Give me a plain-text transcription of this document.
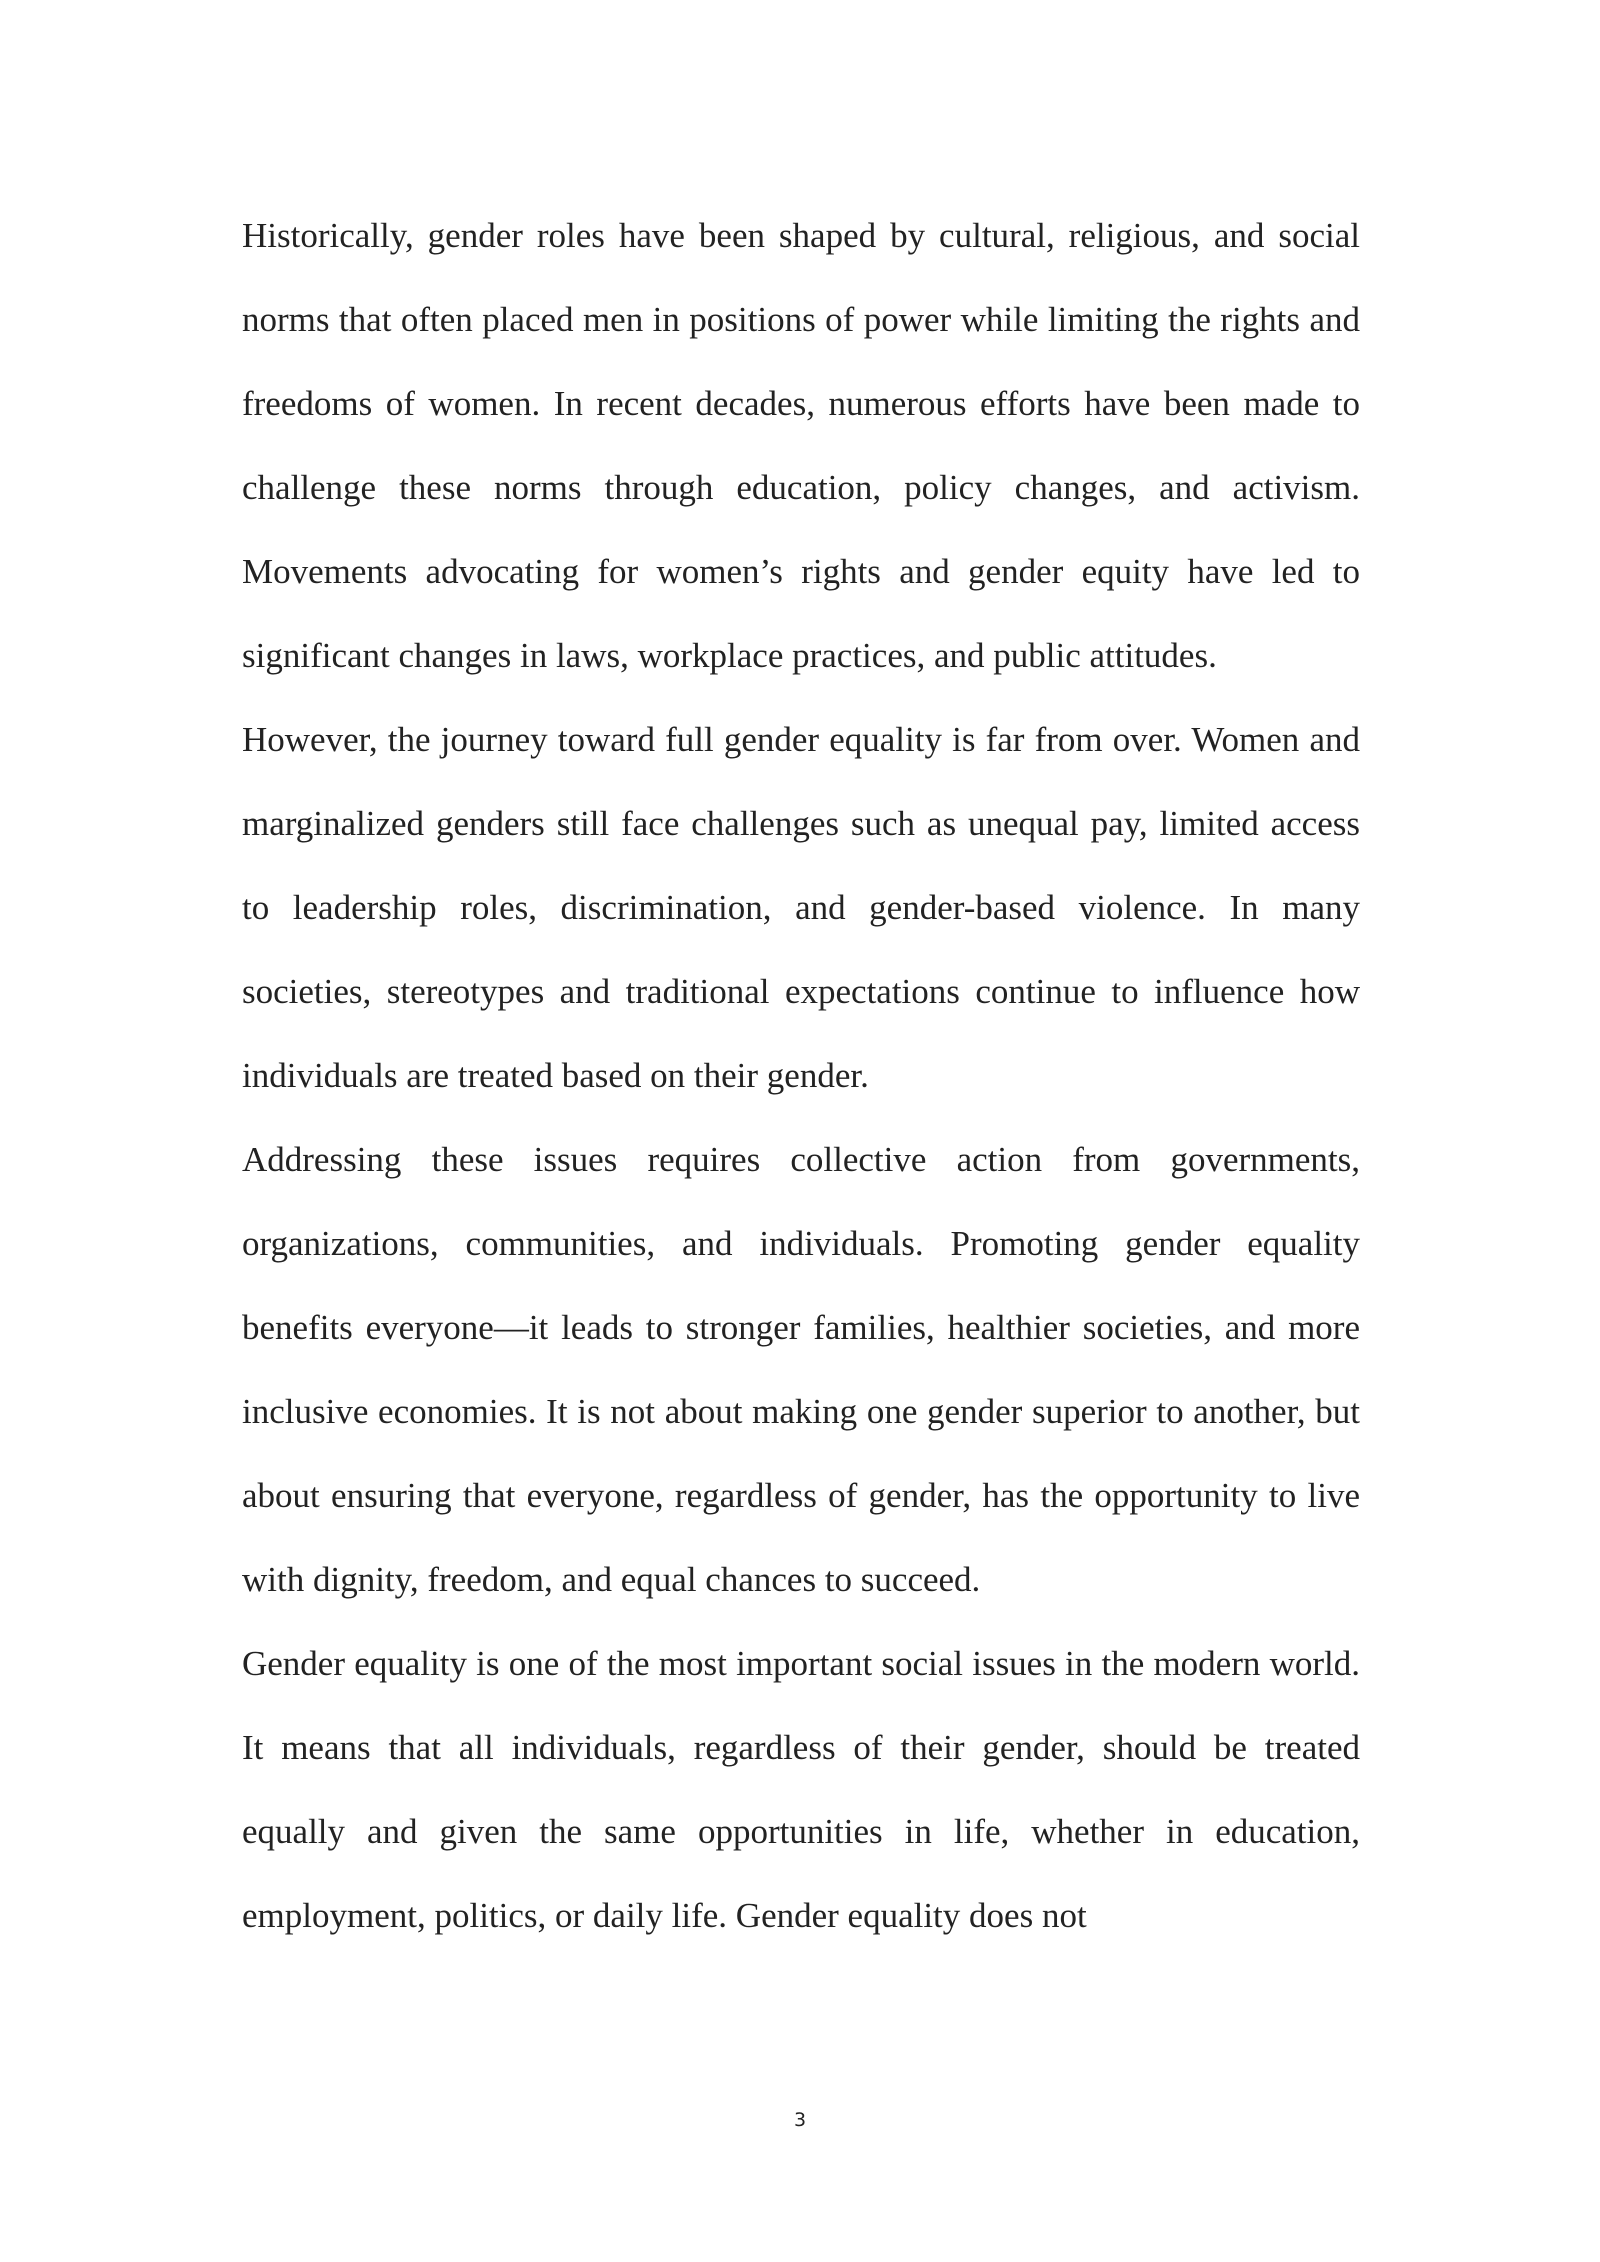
Historically, gender roles have been shaped by cultural, religious, and social norms that often placed men in positions of power while limiting the rights and freedoms of women. In recent decades, numerous efforts have been made to challenge these norms through education, policy changes, and activism. Movements advocating for women’s rights and gender equity have led to significant changes in laws, workplace practices, and public attitudes.

However, the journey toward full gender equality is far from over. Women and marginalized genders still face challenges such as unequal pay, limited access to leadership roles, discrimination, and gender-based violence. In many societies, stereotypes and traditional expectations continue to influence how individuals are treated based on their gender.

Addressing these issues requires collective action from governments, organizations, communities, and individuals. Promoting gender equality benefits everyone—it leads to stronger families, healthier societies, and more inclusive economies. It is not about making one gender superior to another, but about ensuring that everyone, regardless of gender, has the opportunity to live with dignity, freedom, and equal chances to succeed.

Gender equality is one of the most important social issues in the modern world. It means that all individuals, regardless of their gender, should be treated equally and given the same opportunities in life, whether in education, employment, politics, or daily life. Gender equality does not

3
